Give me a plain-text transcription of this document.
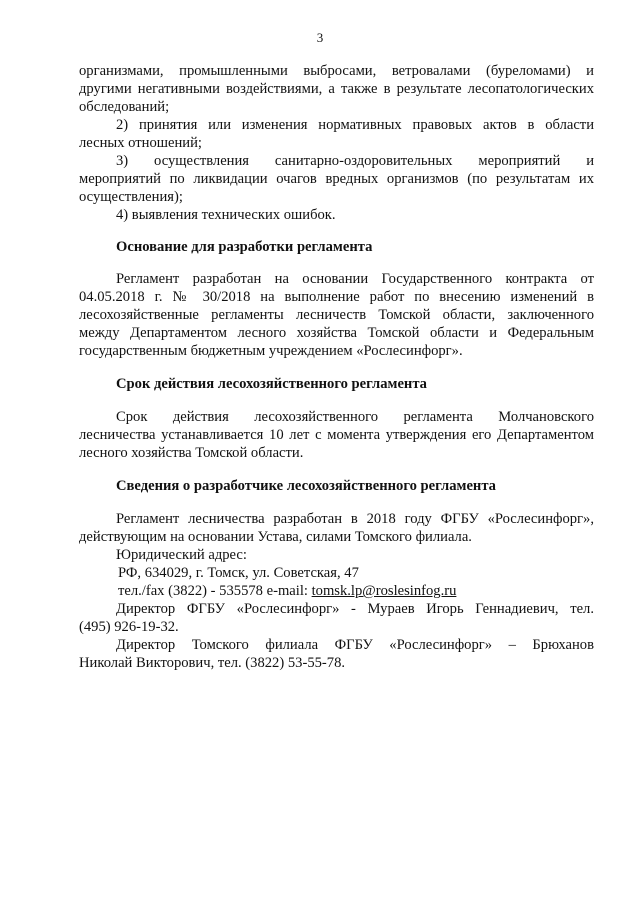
3
организмами, промышленными выбросами, ветровалами (буреломами) и
другими негативными воздействиями, а также в результате лесопатологических
обследований;
2) принятия или изменения нормативных правовых актов в области
лесных отношений;
3) осуществления санитарно-оздоровительных мероприятий и
мероприятий по ликвидации очагов вредных организмов (по результатам их
осуществления);
4) выявления технических ошибок.
Основание для разработки регламента
Регламент разработан на основании Государственного контракта от
04.05.2018 г. № 30/2018 на выполнение работ по внесению изменений в
лесохозяйственные регламенты лесничеств Томской области, заключенного
между Департаментом лесного хозяйства Томской области и Федеральным
государственным бюджетным учреждением «Рослесинфорг».
Срок действия лесохозяйственного регламента
Срок действия лесохозяйственного регламента Молчановского
лесничества устанавливается 10 лет с момента утверждения его Департаментом
лесного хозяйства Томской области.
Сведения о разработчике лесохозяйственного регламента
Регламент лесничества разработан в 2018 году ФГБУ «Рослесинфорг»,
действующим на основании Устава, силами Томского филиала.
Юридический адрес:
РФ, 634029, г. Томск, ул. Советская, 47
тел./fax (3822) - 535578 e-mail: tomsk.lp@roslesinfog.ru
Директор ФГБУ «Рослесинфорг» - Мураев Игорь Геннадиевич, тел.
(495) 926-19-32.
Директор Томского филиала ФГБУ «Рослесинфорг» – Брюханов
Николай Викторович, тел. (3822) 53-55-78.
